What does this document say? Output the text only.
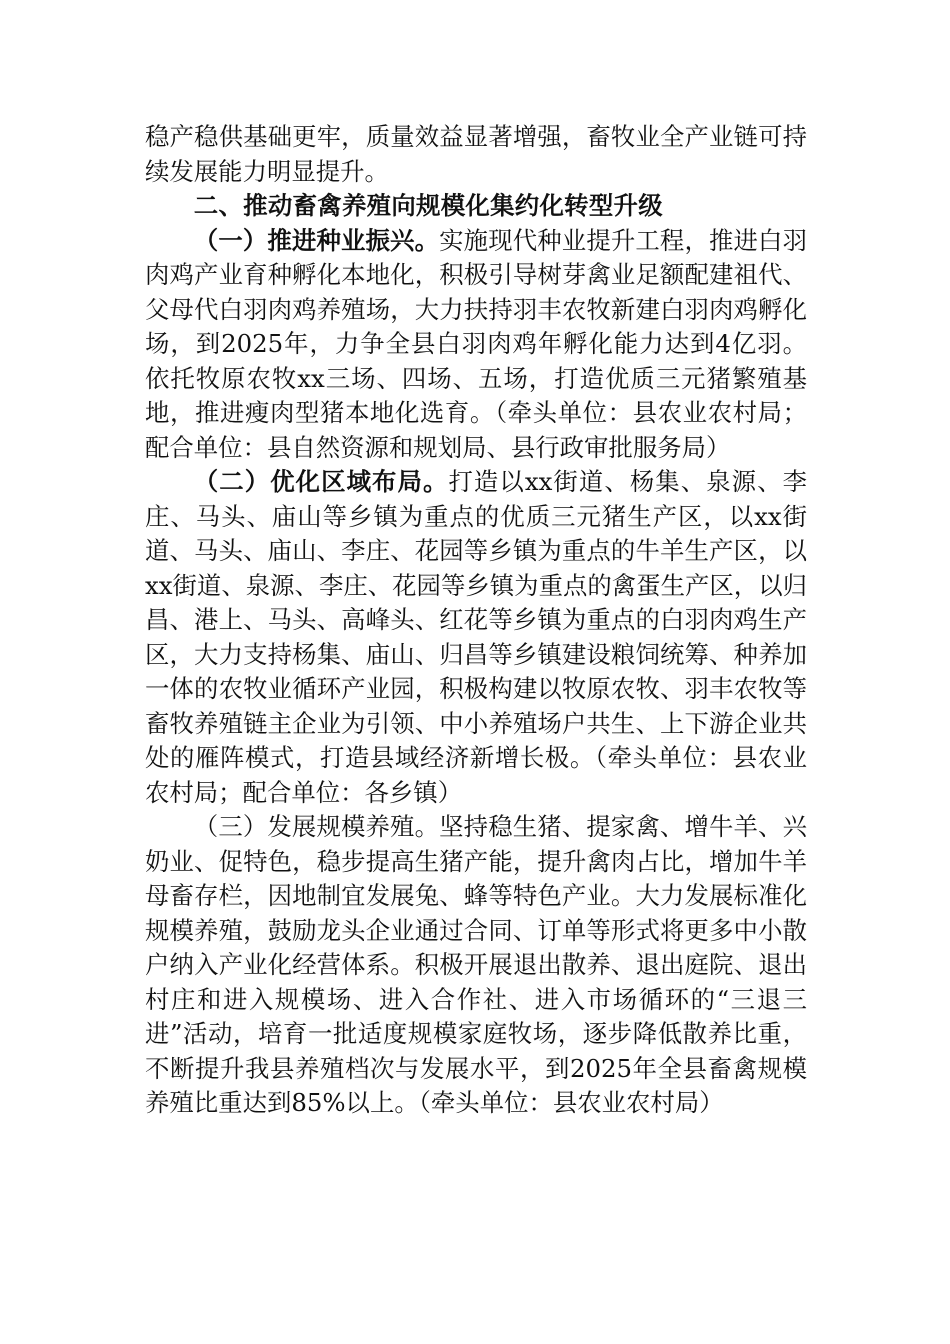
稳产稳供基础更牢，质量效益显著增强，畜牧业全产业链可持续发展能力明显提升。

二、推动畜禽养殖向规模化集约化转型升级

（一）推进种业振兴。实施现代种业提升工程，推进白羽肉鸡产业育种孵化本地化，积极引导树芽禽业足额配建祖代、父母代白羽肉鸡养殖场，大力扶持羽丰农牧新建白羽肉鸡孵化场，到2025年，力争全县白羽肉鸡年孵化能力达到4亿羽。依托牧原农牧xx三场、四场、五场，打造优质三元猪繁殖基地，推进瘦肉型猪本地化选育。（牵头单位：县农业农村局；配合单位：县自然资源和规划局、县行政审批服务局）

（二）优化区域布局。打造以xx街道、杨集、泉源、李庄、马头、庙山等乡镇为重点的优质三元猪生产区，以xx街道、马头、庙山、李庄、花园等乡镇为重点的牛羊生产区，以xx街道、泉源、李庄、花园等乡镇为重点的禽蛋生产区，以归昌、港上、马头、高峰头、红花等乡镇为重点的白羽肉鸡生产区，大力支持杨集、庙山、归昌等乡镇建设粮饲统筹、种养加一体的农牧业循环产业园，积极构建以牧原农牧、羽丰农牧等畜牧养殖链主企业为引领、中小养殖场户共生、上下游企业共处的雁阵模式，打造县域经济新增长极。（牵头单位：县农业农村局；配合单位：各乡镇）

（三）发展规模养殖。坚持稳生猪、提家禽、增牛羊、兴奶业、促特色，稳步提高生猪产能，提升禽肉占比，增加牛羊母畜存栏，因地制宜发展兔、蜂等特色产业。大力发展标准化规模养殖，鼓励龙头企业通过合同、订单等形式将更多中小散户纳入产业化经营体系。积极开展退出散养、退出庭院、退出村庄和进入规模场、进入合作社、进入市场循环的“三退三进”活动，培育一批适度规模家庭牧场，逐步降低散养比重，不断提升我县养殖档次与发展水平，到2025年全县畜禽规模养殖比重达到85%以上。（牵头单位：县农业农村局）
